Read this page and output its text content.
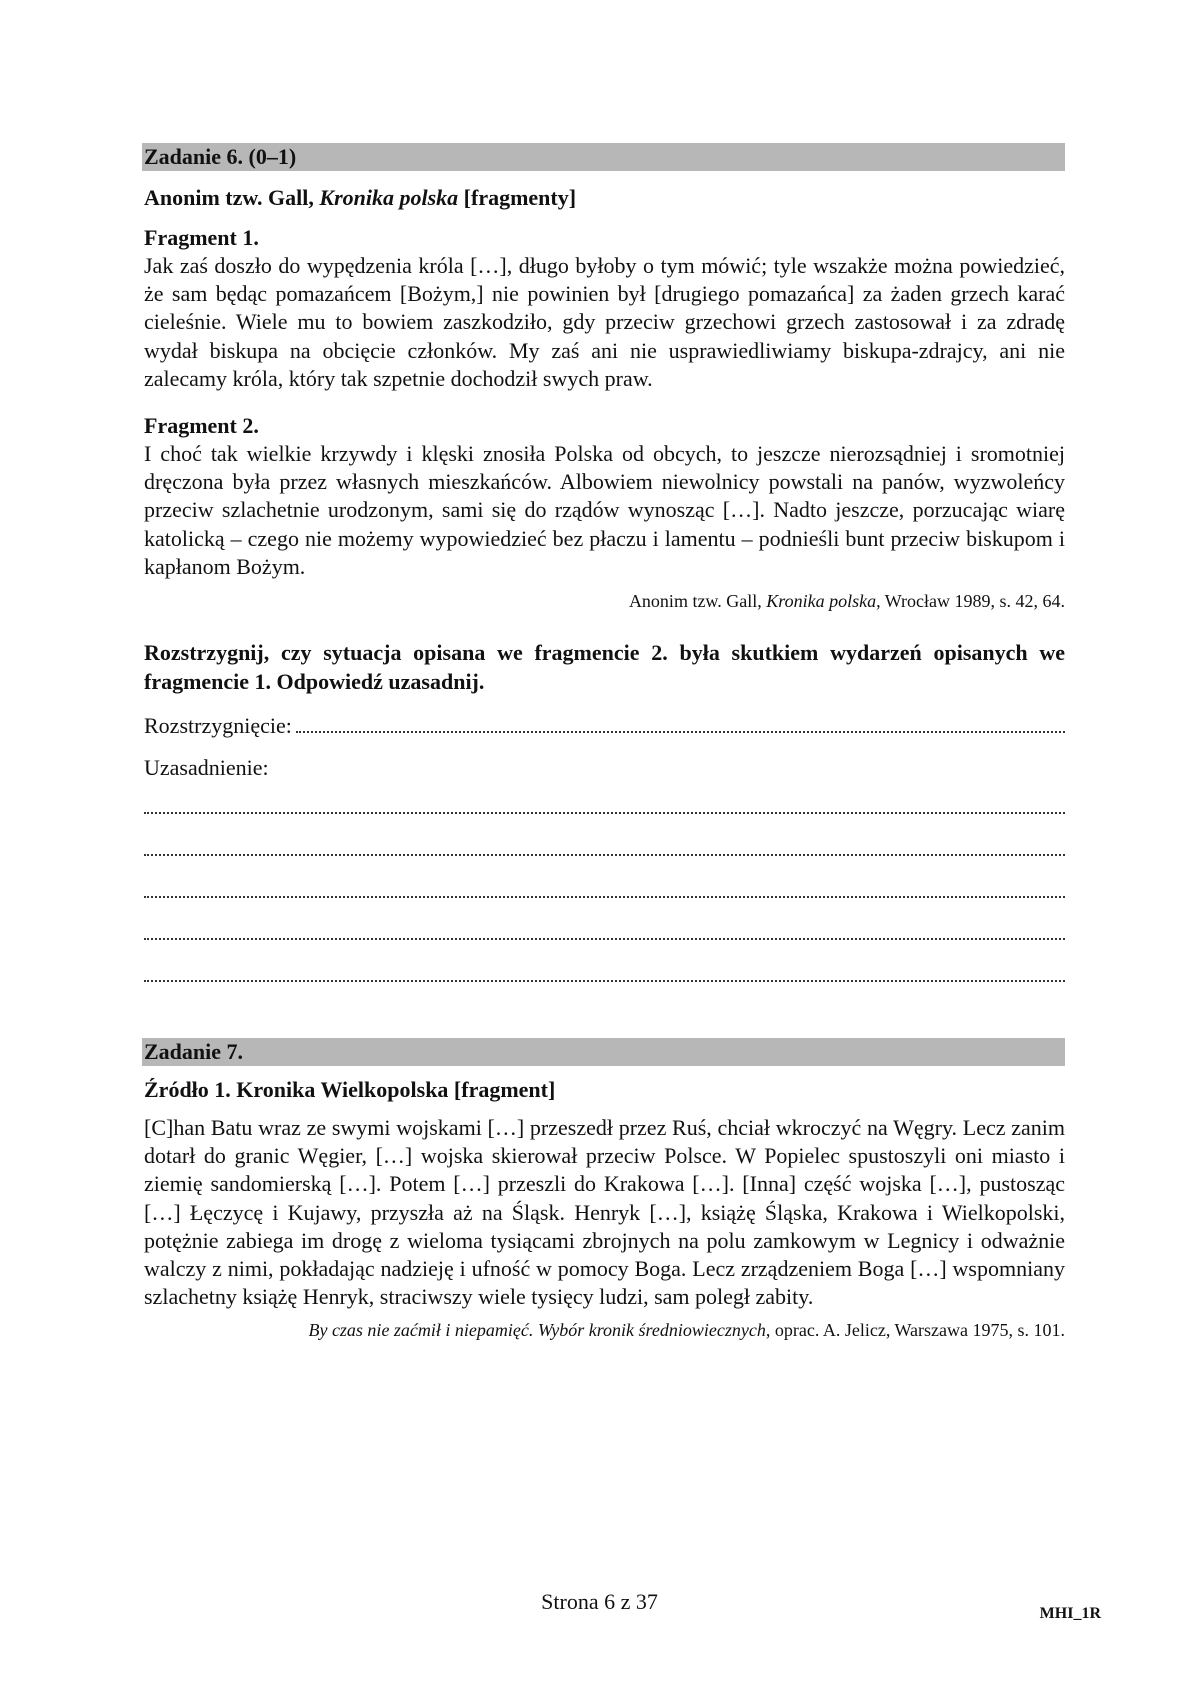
Zadanie 6. (0–1)
Anonim tzw. Gall, Kronika polska [fragmenty]
Fragment 1.
Jak zaś doszło do wypędzenia króla […], długo byłoby o tym mówić; tyle wszakże można powiedzieć, że sam będąc pomazańcem [Bożym,] nie powinien był [drugiego pomazańca] za żaden grzech karać cieleśnie. Wiele mu to bowiem zaszkodziło, gdy przeciw grzechowi grzech zastosował i za zdradę wydał biskupa na obcięcie członków. My zaś ani nie usprawiedliwiamy biskupa-zdrajcy, ani nie zalecamy króla, który tak szpetnie dochodził swych praw.
Fragment 2.
I choć tak wielkie krzywdy i klęski znosiła Polska od obcych, to jeszcze nierozsądniej i sromotniej dręczona była przez własnych mieszkańców. Albowiem niewolnicy powstali na panów, wyzwoleńcy przeciw szlachetnie urodzonym, sami się do rządów wynosząc […]. Nadto jeszcze, porzucając wiarę katolicką – czego nie możemy wypowiedzieć bez płaczu i lamentu – podnieśli bunt przeciw biskupom i kapłanom Bożym.
Anonim tzw. Gall, Kronika polska, Wrocław 1989, s. 42, 64.
Rozstrzygnij, czy sytuacja opisana we fragmencie 2. była skutkiem wydarzeń opisanych we fragmencie 1. Odpowiedź uzasadnij.
Rozstrzygnięcie:
Uzasadnienie:
Zadanie 7.
Źródło 1. Kronika Wielkopolska [fragment]
[C]han Batu wraz ze swymi wojskami […] przeszedł przez Ruś, chciał wkroczyć na Węgry. Lecz zanim dotarł do granic Węgier, […] wojska skierował przeciw Polsce. W Popielec spustoszyli oni miasto i ziemię sandomierską […]. Potem […] przeszli do Krakowa […]. [Inna] część wojska […], pustosząc […] Łęczycę i Kujawy, przyszła aż na Śląsk. Henryk […], książę Śląska, Krakowa i Wielkopolski, potężnie zabiega im drogę z wieloma tysiącami zbrojnych na polu zamkowym w Legnicy i odważnie walczy z nimi, pokładając nadzieję i ufność w pomocy Boga. Lecz zrządzeniem Boga […] wspomniany szlachetny książę Henryk, straciwszy wiele tysięcy ludzi, sam poległ zabity.
By czas nie zaćmił i niepamięć. Wybór kronik średniowiecznych, oprac. A. Jelicz, Warszawa 1975, s. 101.
Strona 6 z 37	MHI_1R
